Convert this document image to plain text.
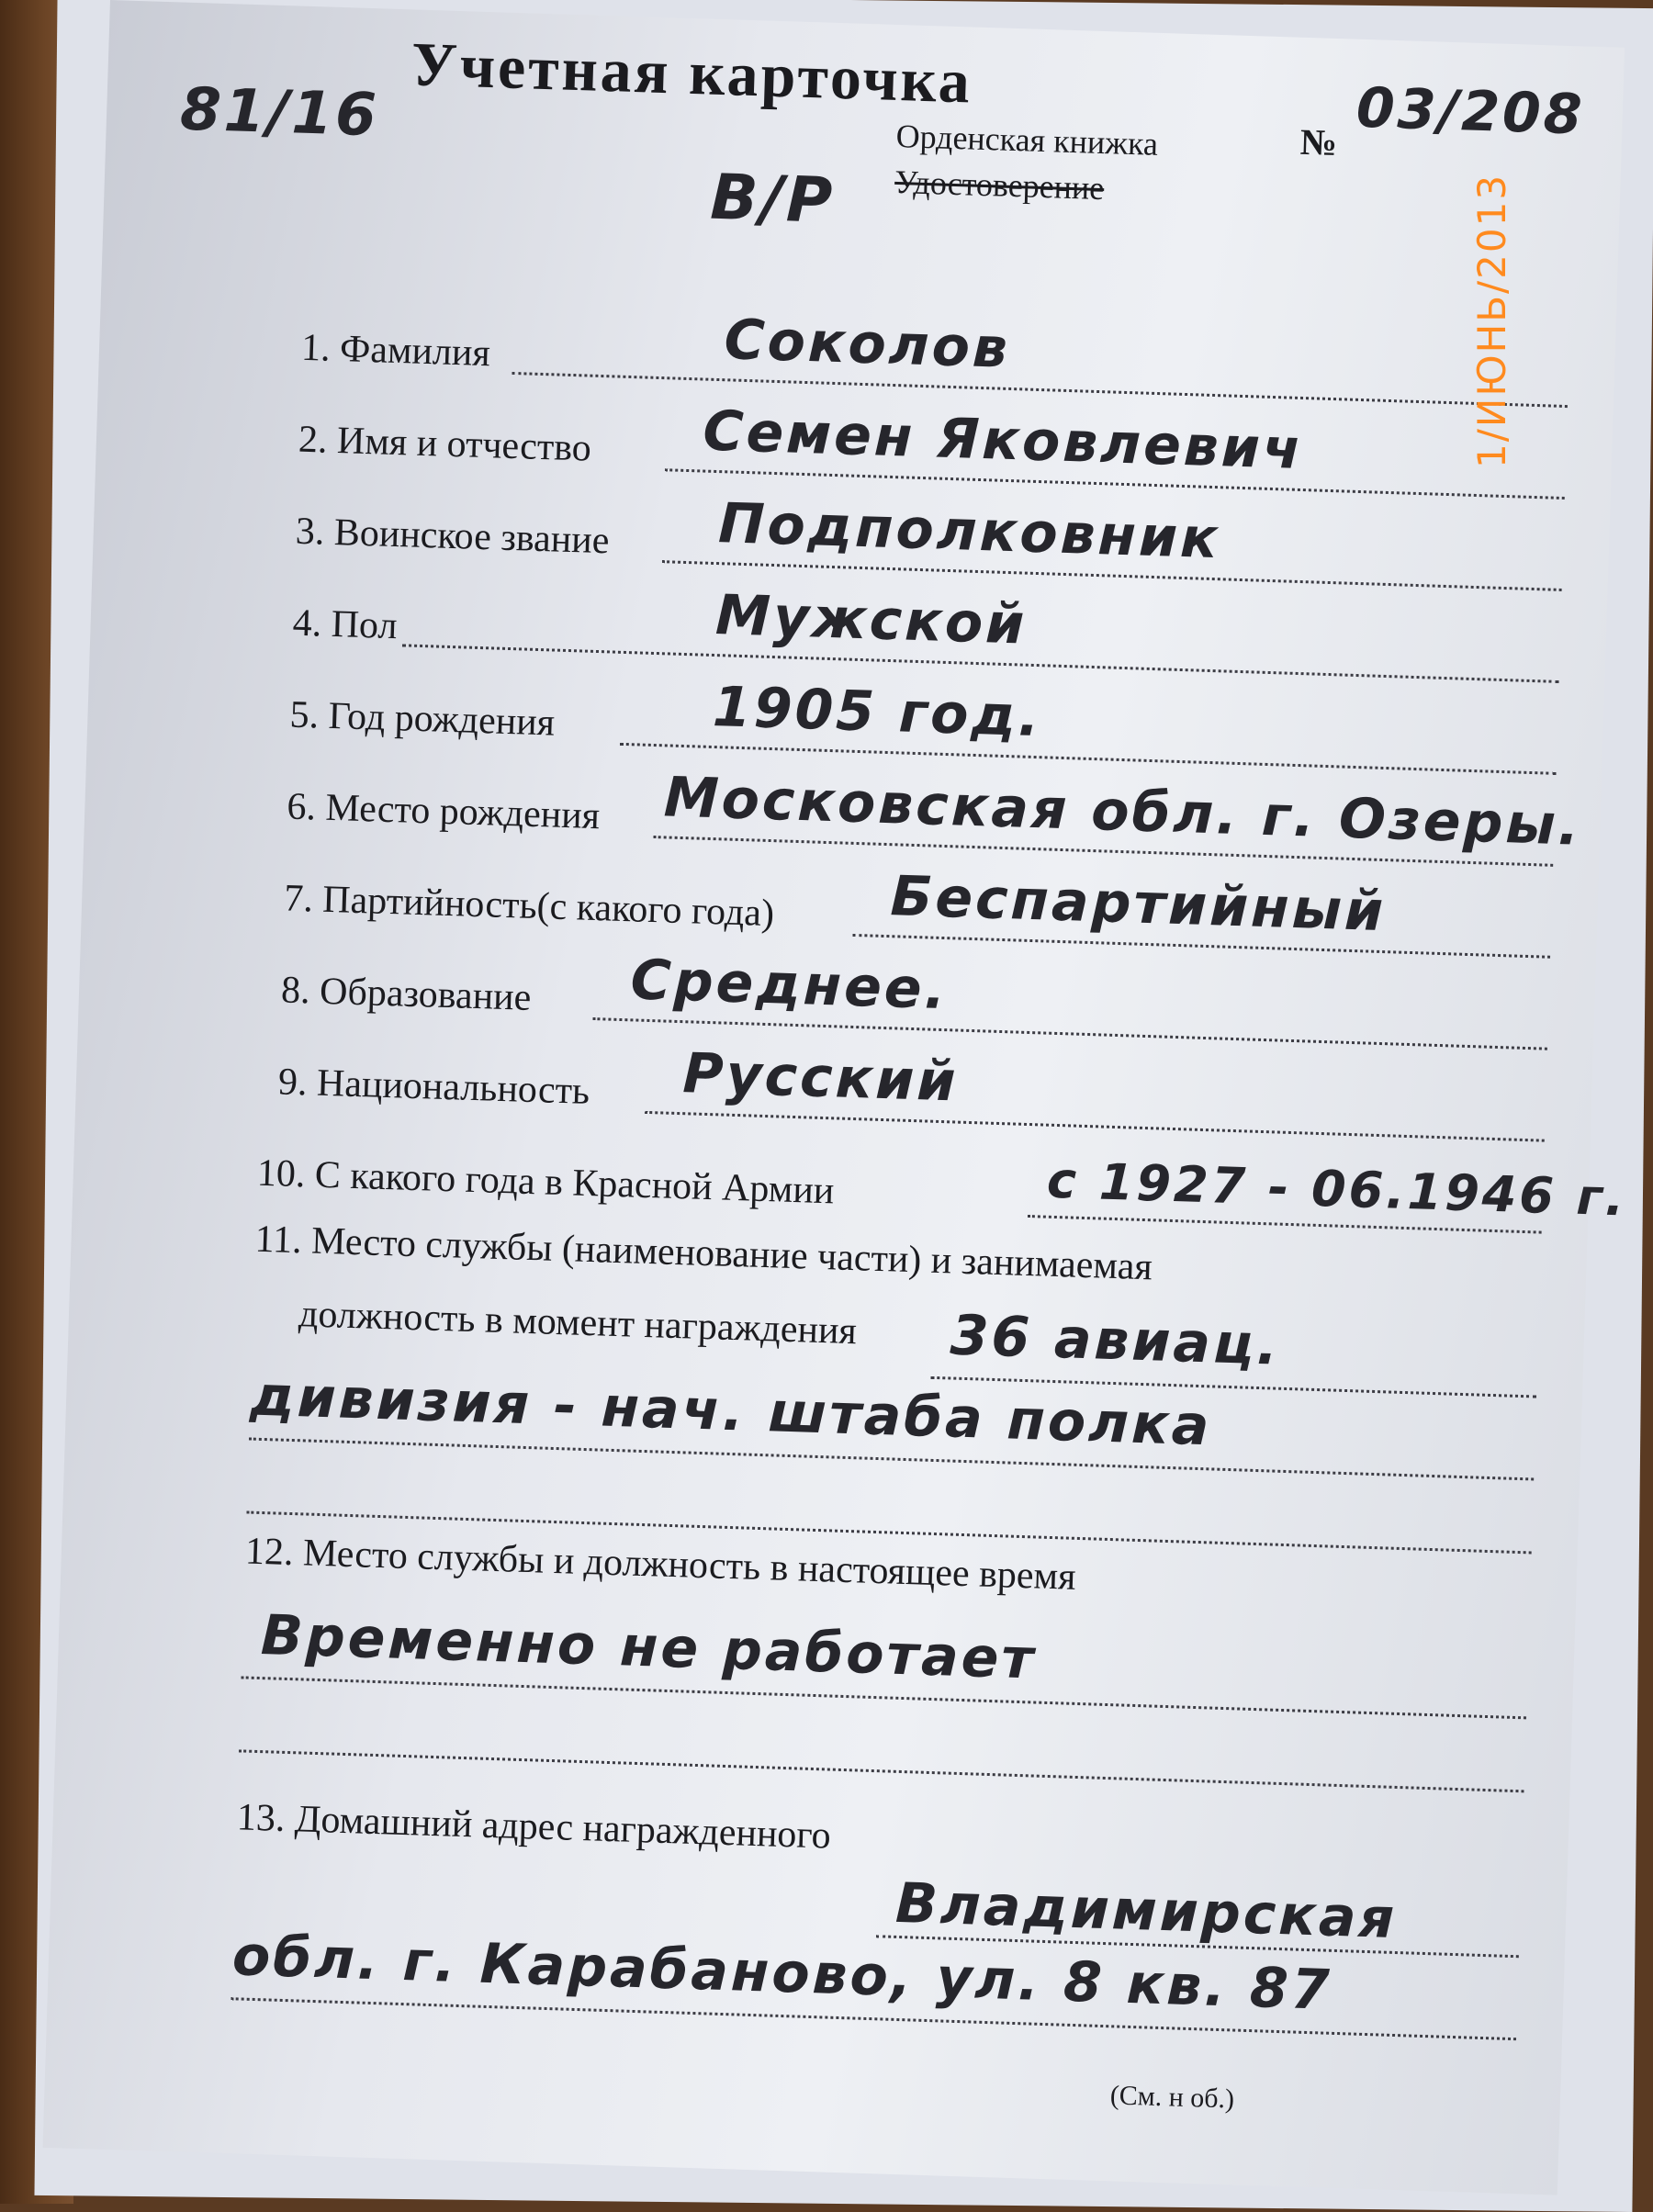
81/16 Учетная карточка
№ 03/208
В/Р
Орденская книжка
Удостоверение
1. Фамилия	Соколов
2. Имя и отчество Семен Яковлевич
3. Воинское звание Подполковник
4. Пол	Мужской
5. Год рождения	1905 год.
6. Место рождения Московская обл. г. Озеры.
7. Партийность(с какого года) Беспартийный
8. Образование Среднее.
9. Национальность Русский
10. С какого года в Красной Армии	с 1927 - 06.1946 г.
11. Место службы (наименование части) и занимаемая
должность в момент награждения 36 авиац.
дивизия - нач. штаба полка
12. Место службы и должность в настоящее время
Временно не работает
13. Домашний адрес награжденного
Владимирская
обл. г. Карабаново, ул. 8 кв. 87
(См. н об.)
1/ИЮНЬ/2013
